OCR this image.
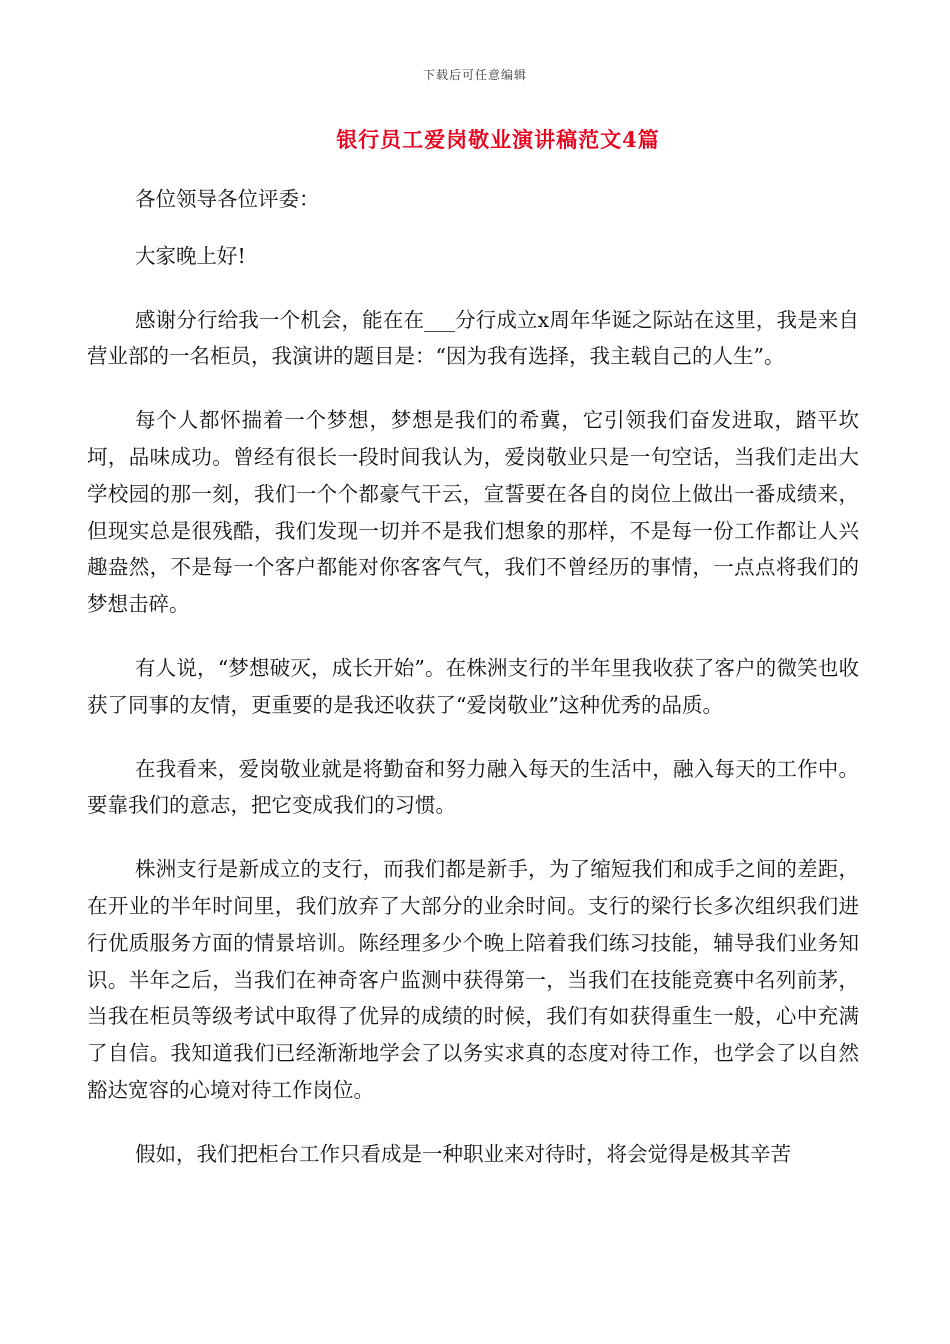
下载后可任意编辑
银行员工爱岗敬业演讲稿范文4篇

各位领导各位评委：

大家晚上好!

感谢分行给我一个机会，能在在___分行成立x周年华诞之际站在这里，我是来自营业部的一名柜员，我演讲的题目是：“因为我有选择，我主载自己的人生”。

每个人都怀揣着一个梦想，梦想是我们的希冀，它引领我们奋发进取，踏平坎坷，品味成功。曾经有很长一段时间我认为，爱岗敬业只是一句空话，当我们走出大学校园的那一刻，我们一个个都豪气干云，宣誓要在各自的岗位上做出一番成绩来，但现实总是很残酷，我们发现一切并不是我们想象的那样，不是每一份工作都让人兴趣盎然，不是每一个客户都能对你客客气气，我们不曾经历的事情，一点点将我们的梦想击碎。

有人说，“梦想破灭，成长开始”。在株洲支行的半年里我收获了客户的微笑也收获了同事的友情，更重要的是我还收获了“爱岗敬业”这种优秀的品质。

在我看来，爱岗敬业就是将勤奋和努力融入每天的生活中，融入每天的工作中。要靠我们的意志，把它变成我们的习惯。

株洲支行是新成立的支行，而我们都是新手，为了缩短我们和成手之间的差距，在开业的半年时间里，我们放弃了大部分的业余时间。支行的梁行长多次组织我们进行优质服务方面的情景培训。陈经理多少个晚上陪着我们练习技能，辅导我们业务知识。半年之后，当我们在神奇客户监测中获得第一，当我们在技能竞赛中名列前茅，当我在柜员等级考试中取得了优异的成绩的时候，我们有如获得重生一般，心中充满了自信。我知道我们已经渐渐地学会了以务实求真的态度对待工作，也学会了以自然豁达宽容的心境对待工作岗位。

假如，我们把柜台工作只看成是一种职业来对待时，将会觉得是极其辛苦
